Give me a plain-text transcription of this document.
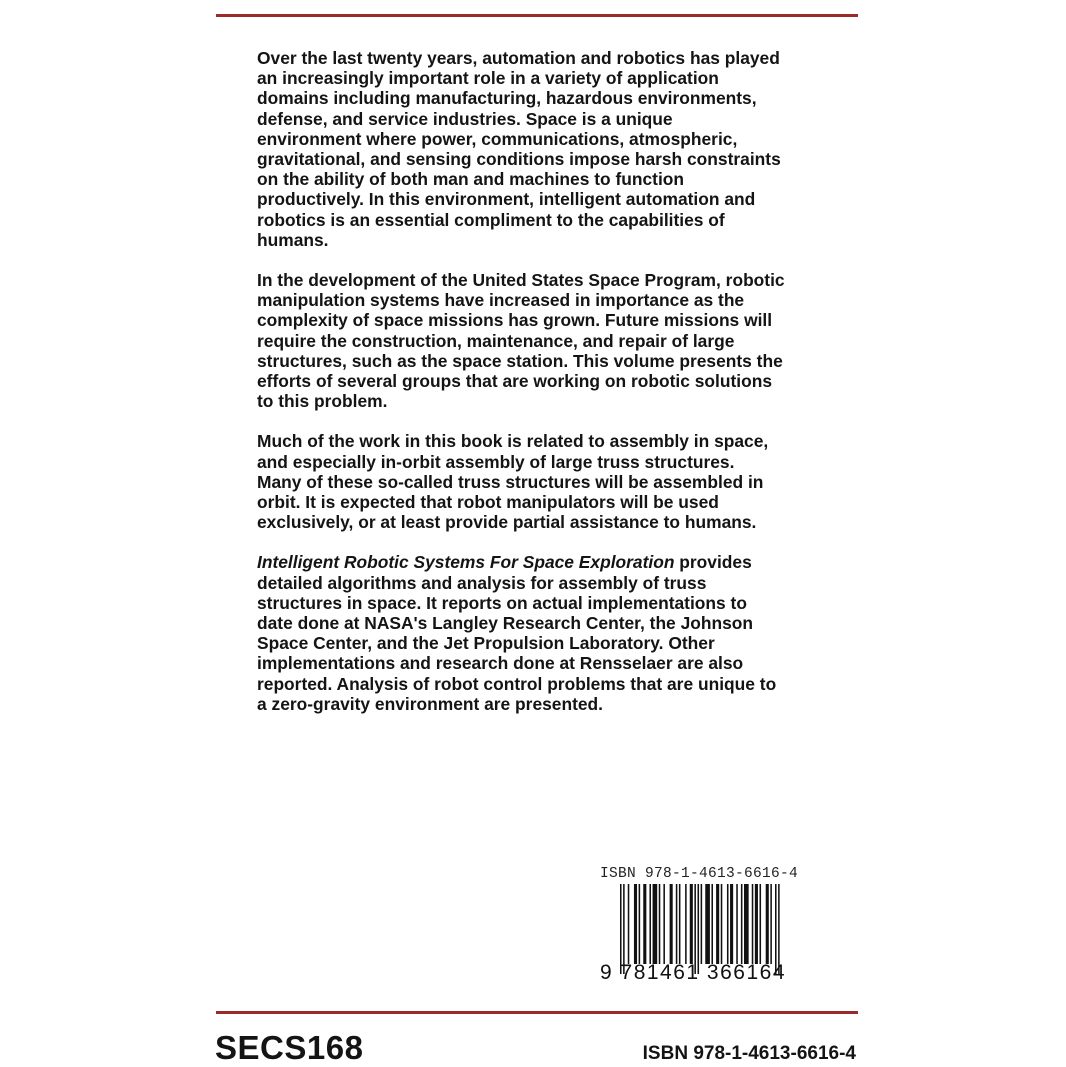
Over the last twenty years, automation and robotics has played
an increasingly important role in a variety of application
domains including manufacturing, hazardous environments,
defense, and service industries. Space is a unique
environment where power, communications, atmospheric,
gravitational, and sensing conditions impose harsh constraints
on the ability of both man and machines to function
productively. In this environment, intelligent automation and
robotics is an essential compliment to the capabilities of
humans.

In the development of the United States Space Program, robotic
manipulation systems have increased in importance as the
complexity of space missions has grown. Future missions will
require the construction, maintenance, and repair of large
structures, such as the space station. This volume presents the
efforts of several groups that are working on robotic solutions
to this problem.

Much of the work in this book is related to assembly in space,
and especially in-orbit assembly of large truss structures.
Many of these so-called truss structures will be assembled in
orbit. It is expected that robot manipulators will be used
exclusively, or at least provide partial assistance to humans.

Intelligent Robotic Systems For Space Exploration provides
detailed algorithms and analysis for assembly of truss
structures in space. It reports on actual implementations to
date done at NASA's Langley Research Center, the Johnson
Space Center, and the Jet Propulsion Laboratory. Other
implementations and research done at Rensselaer are also
reported. Analysis of robot control problems that are unique to
a zero-gravity environment are presented.

ISBN 978-1-4613-6616-4
9 781461 366164
SECS168	ISBN 978-1-4613-6616-4
